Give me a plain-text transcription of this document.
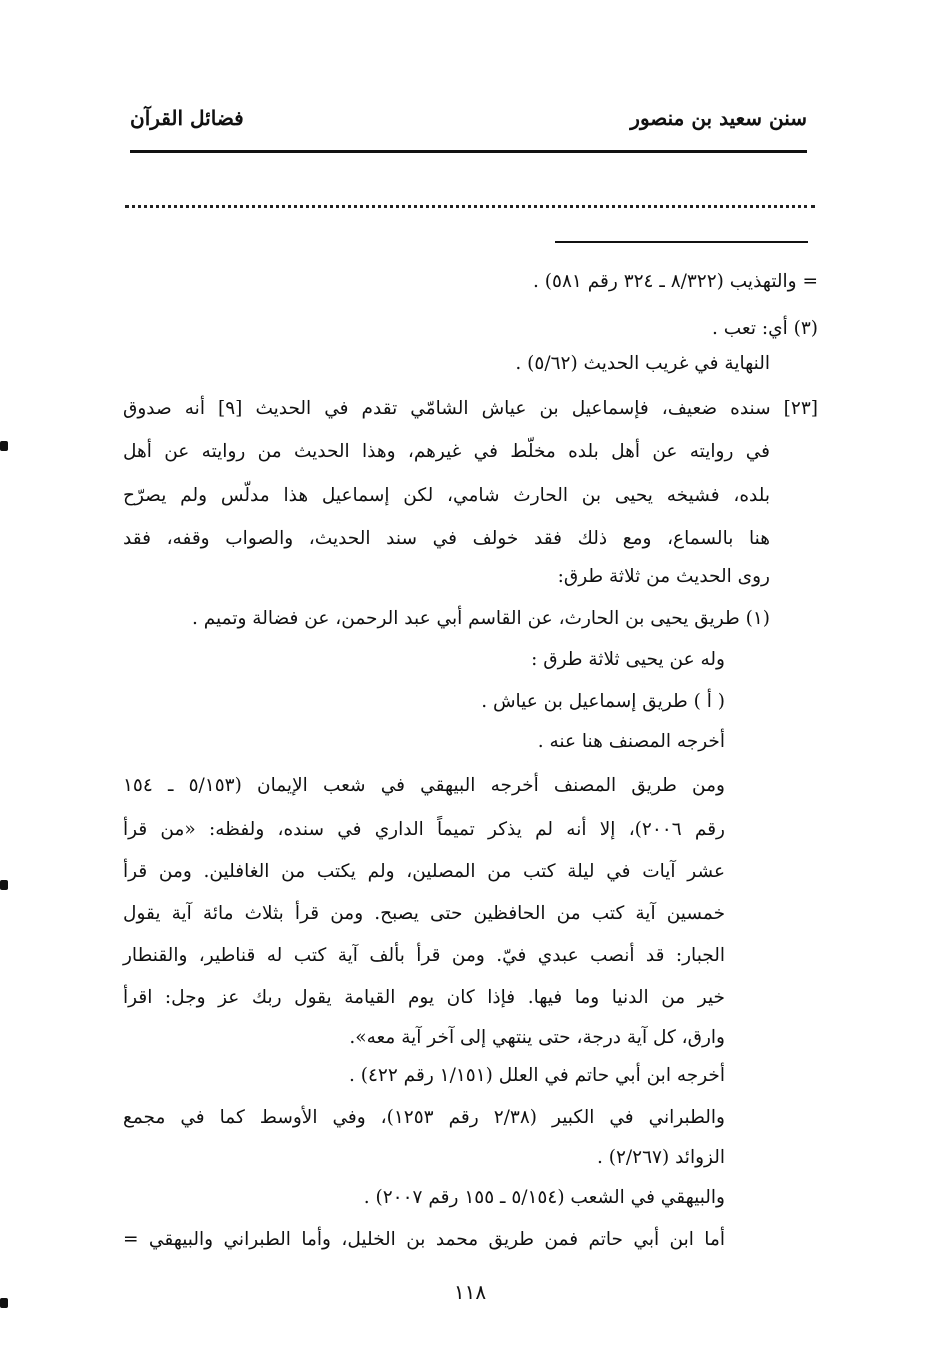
سنن سعيد بن منصور
فضائل القرآن
= والتهذيب (٨/٣٢٢ ـ ٣٢٤ رقم ٥٨١) .
(٣) أي: تعب .
النهاية في غريب الحديث (٥/٦٢) .
[٢٣] سنده ضعيف، فإسماعيل بن عياش الشامّي تقدم في الحديث [٩] أنه صدوق
في روايته عن أهل بلده مخلّط في غيرهم، وهذا الحديث من روايته عن أهل
بلده، فشيخه يحيى بن الحارث شامي، لكن إسماعيل هذا مدلّس ولم يصرّح
هنا بالسماع، ومع ذلك فقد خولف في سند الحديث، والصواب وقفه، فقد
روى الحديث من ثلاثة طرق:
(١) طريق يحيى بن الحارث، عن القاسم أبي عبد الرحمن، عن فضالة وتميم .
وله عن يحيى ثلاثة طرق :
( أ ) طريق إسماعيل بن عياش .
أخرجه المصنف هنا عنه .
ومن طريق المصنف أخرجه البيهقي في شعب الإيمان (٥/١٥٣ ـ ١٥٤
رقم ٢٠٠٦)، إلا أنه لم يذكر تميماً الداري في سنده، ولفظه: «من قرأ
عشر آيات في ليلة كتب من المصلين، ولم يكتب من الغافلين. ومن قرأ
خمسين آية كتب من الحافظين حتى يصبح. ومن قرأ بثلاث مائة آية يقول
الجبار: قد أنصب عبدي فيّ. ومن قرأ بألف آية كتب له قناطير، والقنطار
خير من الدنيا وما فيها. فإذا كان يوم القيامة يقول ربك عز وجل: اقرأ
وارق، كل آية درجة، حتى ينتهي إلى آخر آية معه».
أخرجه ابن أبي حاتم في العلل (١/١٥١ رقم ٤٢٢) .
والطبراني في الكبير (٢/٣٨ رقم ١٢٥٣)، وفي الأوسط كما في مجمع
الزوائد (٢/٢٦٧) .
والبيهقي في الشعب (٥/١٥٤ ـ ١٥٥ رقم ٢٠٠٧) .
أما ابن أبي حاتم فمن طريق محمد بن الخليل، وأما الطبراني والبيهقي =
١١٨
